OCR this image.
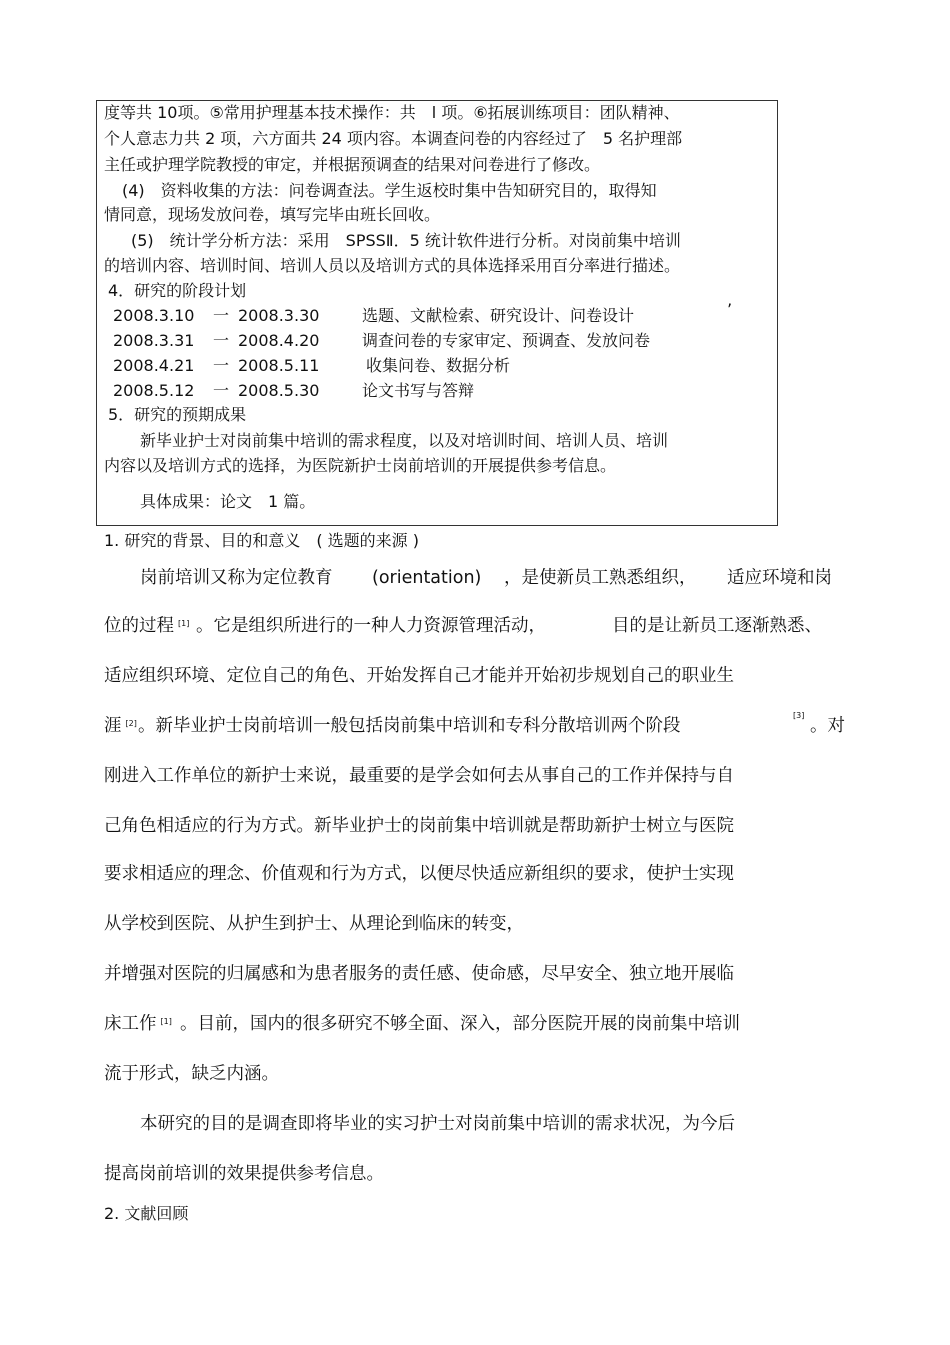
度等共 10项。⑤常用护理基本技术操作：共　l 项。⑥拓展训练项目：团队精神、
个人意志力共 2 项，六方面共 24 项内容。本调查问卷的内容经过了　5 名护理部
主任或护理学院教授的审定，并根据预调查的结果对问卷进行了修改。
(4)　资料收集的方法：问卷调查法。学生返校时集中告知研究目的，取得知
情同意，现场发放问卷，填写完毕由班长回收。
(5)　统计学分析方法：采用　SPSSⅡ．5 统计软件进行分析。对岗前集中培训
的培训内容、培训时间、培训人员以及培训方式的具体选择采用百分率进行描述。
4．研究的阶段计划
2008.3.10 一 2008.3.30	选题、文献检索、研究设计、问卷设计	’
2008.3.31 一 2008.4.20	调查问卷的专家审定、预调查、发放问卷
2008.4.21 一 2008.5.11	收集问卷、数据分析
2008.5.12 一 2008.5.30	论文书写与答辩
5．研究的预期成果
新毕业护士对岗前集中培训的需求程度，以及对培训时间、培训人员、培训
内容以及培训方式的选择，为医院新护士岗前培训的开展提供参考信息。
具体成果：论文　1 篇。
1. 研究的背景、目的和意义　( 选题的来源 )
岗前培训又称为定位教育 (orientation) ，是使新员工熟悉组织， 适应环境和岗
位的过程 [1] 。它是组织所进行的一种人力资源管理活动，	目的是让新员工逐渐熟悉、
适应组织环境、定位自己的角色、开始发挥自己才能并开始初步规划自己的职业生
涯 [2] 。新毕业护士岗前培训一般包括岗前集中培训和专科分散培训两个阶段
[3]
。对
刚进入工作单位的新护士来说，最重要的是学会如何去从事自己的工作并保持与自
己角色相适应的行为方式。新毕业护士的岗前集中培训就是帮助新护士树立与医院
要求相适应的理念、价值观和行为方式，以便尽快适应新组织的要求，使护士实现
从学校到医院、从护生到护士、从理论到临床的转变，
并增强对医院的归属感和为患者服务的责任感、使命感，尽早安全、独立地开展临
床工作 [1] 。目前，国内的很多研究不够全面、深入，部分医院开展的岗前集中培训
流于形式，缺乏内涵。
本研究的目的是调查即将毕业的实习护士对岗前集中培训的需求状况，为今后
提高岗前培训的效果提供参考信息。
2. 文献回顾
